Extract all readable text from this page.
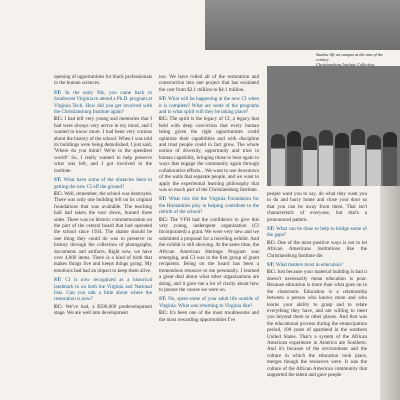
Student life on campus at the turn of the century
Christiansburg Institute Collection
opening of opportunities for black professionals in the human sciences.
ST: In the early 90s, you came back to Southwest Virginia to attend a Ph.D. program at Virginia Tech. How did you get involved with the Christiansburg Institute again?
EC: I had left very young and memories that I had were always very active in my mind, and I wanted to know more. I had been very curious about the history of the school. When I was told its buildings were being demolished, I just said, 'Where do you think? We're in the speediest world!' So, I really wanted to help preserve what was left, and I got involved in the institute.
ST: What have some of the obstacles been to getting the new CI off the ground?
EC: Well, remember, the school was destroyed. There was only one building left on its original foundations that was available. The teaching hall had taken the tour down, burned three sides. There was no historic commemoration on the part of the central board that had operated the school since 1934. The shame should be one thing they could do was to preserve its history through the collection of photographs, documents and artifacts. Right now, we have over 4,000 items. There is a kind of birth that makes things live and keeps things going. My emotions had had an impact to keep them alive.
ST: CI is now recognized as a historical landmark in on both the Virginia and National lists. Can you talk a little about where the restoration is now?
EC: We've had, a $500,000 predevelopment stage. We are well into development
too. We have rolled all of the restoration and construction into one project that has escalated the cost from $2.1 million to $4.1 million.
ST: What will be happening at the new CI when it is complete? What are some of the programs and to what spirit will they be taking place?
EC: The spirit is the legacy of CI, a legacy that held with deep conviction that every human being given the right opportunities could optimize their capabilities and with discipline and trust people could in fact grow. The whole notion of diversity, opportunity and trust in human capability, bringing those to bear again to ways that engage the community again through collaborative efforts... We want to use downtown of the walls that separate people, and we want to apply the experiential learning philosophy that was so much part of the Christiansburg Institute.
ST: What role did the Virginia Foundation for the Humanities play in helping contribute to the rebirth of the school?
EC: The VFH had the confidence to give this very young, underspent organization (CI Incorporated) a grant. We were very new and we submitted a proposal for a traveling exhibit. And the exhibit is still showing. At the same time, the African American Heritage Program was emerging, and CI was in the first group of grant recipients. Being on the board has been a tremendous resource to me personally. I learned a great deal about what other organizations are doing, and it gave me a lot of clarity about how to pursue the course we were on.
ST: No, spent some of your adult life outside of Virginia. What was returning to Virginia like?
EC: It's been one of the most troublesome and the most rewarding opportunities I've
people want you to say, do what they want you to do and hurry home and close your door so that you can be away from them. That isn't characteristic of everyone, but that's a pronounced pattern.
ST: What can be done to help to bridge some of the gaps?
EC: One of the most positive ways is not to let African Americans institutions like the Christiansburg Institute die.
ST: What matters most in education?
EC: Just because your material building is bad it doesn't necessarily mean education is poor. Because education is more than what goes on in the classroom. Education is a relationship between a person who knows more and who learns your ability to grasp and to relate everything they have, and are willing to meet you beyond them to other places. And that was the educational process during the emancipation period, 100 years of apartheid in the southern United States. That's a system of the African American experience in America are Southern. And it's because of the environment and the culture in which the education took place, merges though the resources were. It was the culture of the African American community that supported the talent and gave people
